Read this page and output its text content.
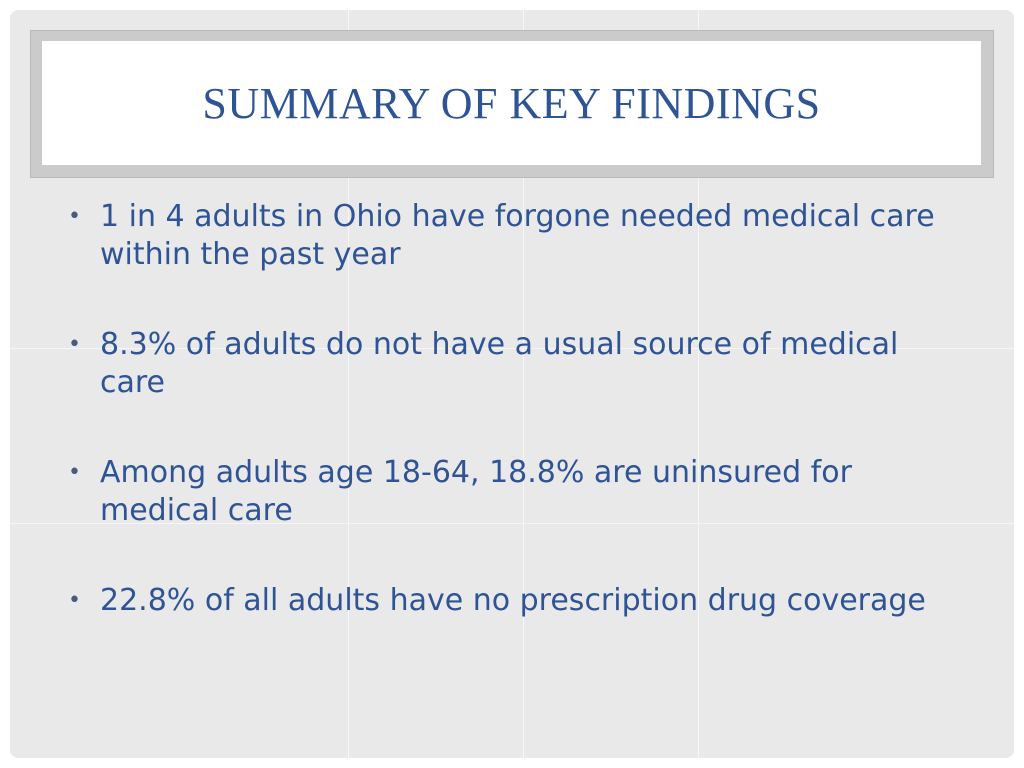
SUMMARY OF KEY FINDINGS
• 1 in 4 adults in Ohio have forgone needed medical care within the past year
• 8.3% of adults do not have a usual source of medical care
• Among adults age 18-64, 18.8% are uninsured for medical care
• 22.8% of all adults have no prescription drug coverage
